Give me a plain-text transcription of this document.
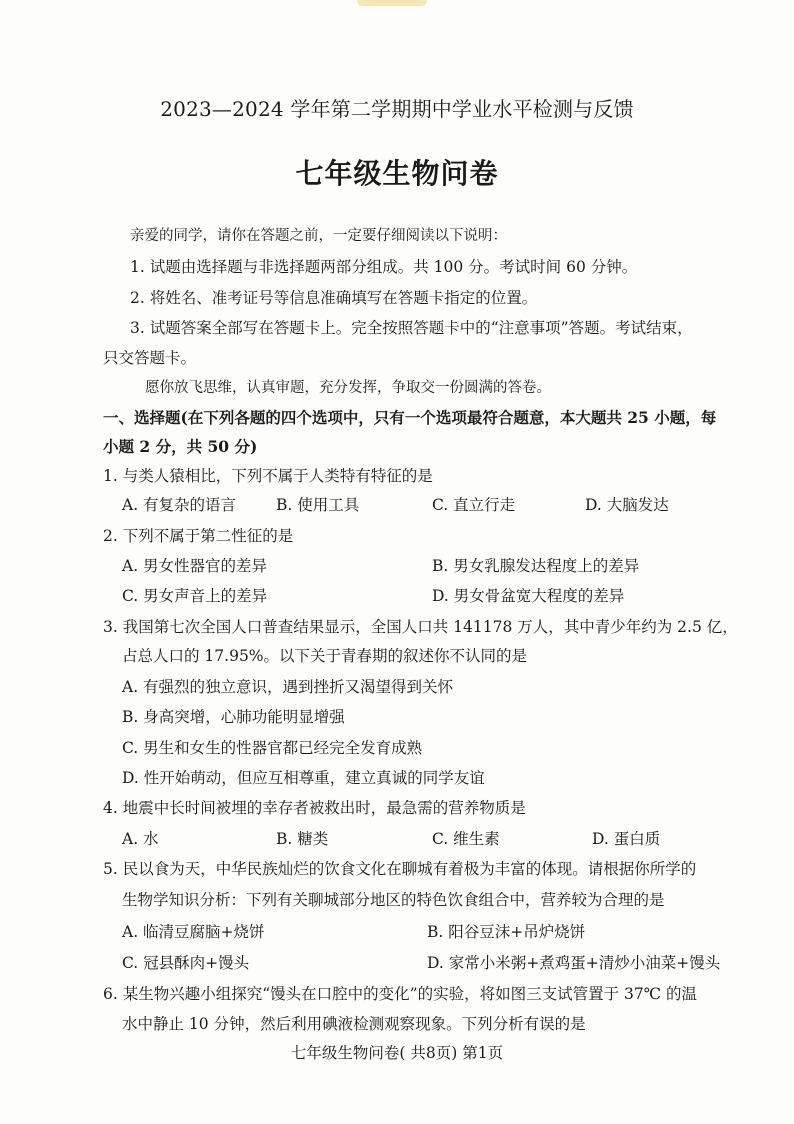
2023—2024 学年第二学期期中学业水平检测与反馈
七年级生物问卷
亲爱的同学，请你在答题之前，一定要仔细阅读以下说明：
1. 试题由选择题与非选择题两部分组成。共 100 分。考试时间 60 分钟。
2. 将姓名、准考证号等信息准确填写在答题卡指定的位置。
3. 试题答案全部写在答题卡上。完全按照答题卡中的“注意事项”答题。考试结束，
只交答题卡。
愿你放飞思维，认真审题，充分发挥，争取交一份圆满的答卷。
一、选择题(在下列各题的四个选项中，只有一个选项最符合题意，本大题共 25 小题，每
小题 2 分，共 50 分)
1. 与类人猿相比，下列不属于人类特有特征的是
A. 有复杂的语言	B. 使用工具	C. 直立行走	D. 大脑发达
2. 下列不属于第二性征的是
A. 男女性器官的差异	B. 男女乳腺发达程度上的差异
C. 男女声音上的差异	D. 男女骨盆宽大程度的差异
3. 我国第七次全国人口普查结果显示，全国人口共 141178 万人，其中青少年约为 2.5 亿，
占总人口的 17.95%。以下关于青春期的叙述你不认同的是
A. 有强烈的独立意识，遇到挫折又渴望得到关怀
B. 身高突增，心肺功能明显增强
C. 男生和女生的性器官都已经完全发育成熟
D. 性开始萌动，但应互相尊重，建立真诚的同学友谊
4. 地震中长时间被埋的幸存者被救出时，最急需的营养物质是
A. 水	B. 糖类	C. 维生素	D. 蛋白质
5. 民以食为天，中华民族灿烂的饮食文化在聊城有着极为丰富的体现。请根据你所学的
生物学知识分析：下列有关聊城部分地区的特色饮食组合中，营养较为合理的是
A. 临清豆腐脑+烧饼	B. 阳谷豆沫+吊炉烧饼
C. 冠县酥肉+馒头	D. 家常小米粥+煮鸡蛋+清炒小油菜+馒头
6. 某生物兴趣小组探究“馒头在口腔中的变化”的实验，将如图三支试管置于 37℃ 的温
水中静止 10 分钟，然后利用碘液检测观察现象。下列分析有误的是
七年级生物问卷( 共8页) 第1页
